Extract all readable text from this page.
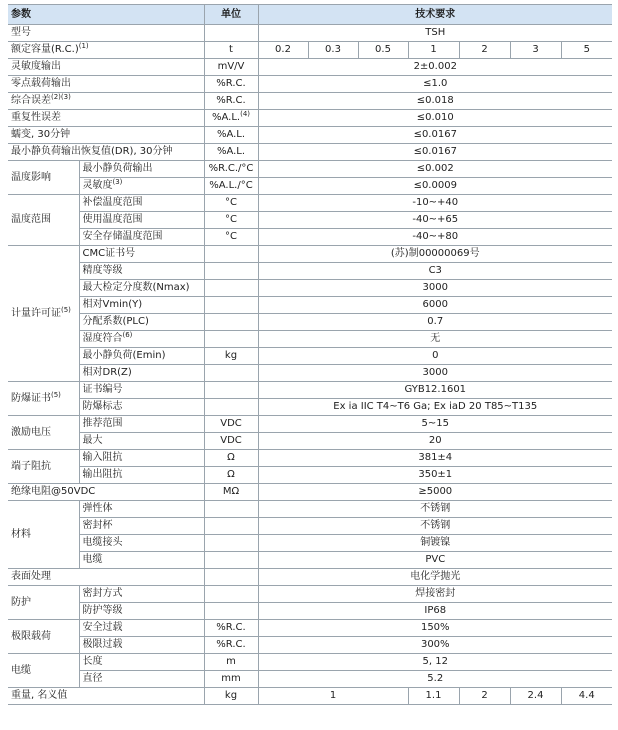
参数		单位	技术要求						
型号			TSH						
额定容量$(R.C.)^{(1)}$		t	0.2	0.3	0.5	1	2	3	5
灵敏度输出		mV/V	2±0.002						
零点载荷输出		%R.C.	≤1.0						
综合误差$^{(2)(3)}$		%R.C.	≤0.018						
重复性误差		%A.L.$^{(4)}$	≤0.010						
蠕变, 30分钟		%A.L.	≤0.0167						
最小静负荷输出恢复值(DR), 30分钟		%A.L.	≤0.0167						
温度影响	最小静负荷输出	%R.C./°C	≤0.002						
	灵敏度$^{(3)}$	%A.L./°C	≤0.0009						
温度范围	补偿温度范围	°C	-10~+40						
	使用温度范围	°C	-40~+65						
	安全存储温度范围	°C	-40~+80						
计量许可证$^{(5)}$	CMC证书号		(苏)制00000069号						
	精度等级		C3						
	最大检定分度数(Nmax)		3000						
	相对Vmin(Y)		6000						
	分配系数(PLC)		0.7						
	湿度符合$^{(6)}$		无						
	最小静负荷(Emin)	kg	0						
	相对DR(Z)		3000						
防爆证书$^{(5)}$	证书编号		GYB12.1601						
	防爆标志		Ex ia IIC T4~T6 Ga; Ex iaD 20 T85~T135						
激励电压	推荐范围	VDC	5~15						
	最大	VDC	20						
端子阻抗	输入阻抗	Ω	381±4						
	输出阻抗	Ω	350±1						
绝缘电阻@50VDC		MΩ	≥5000						
材料	弹性体		不锈钢						
	密封杯		不锈钢						
	电缆接头		铜镀镍						
	电缆		PVC						
表面处理			电化学抛光						
防护	密封方式		焊接密封						
	防护等级		IP68						
极限载荷	安全过载	%R.C.	150%						
	极限过载	%R.C.	300%						
电缆	长度	m	5, 12						
	直径	mm	5.2						
重量, 名义值		kg	1			1.1	2	2.4	4.4
